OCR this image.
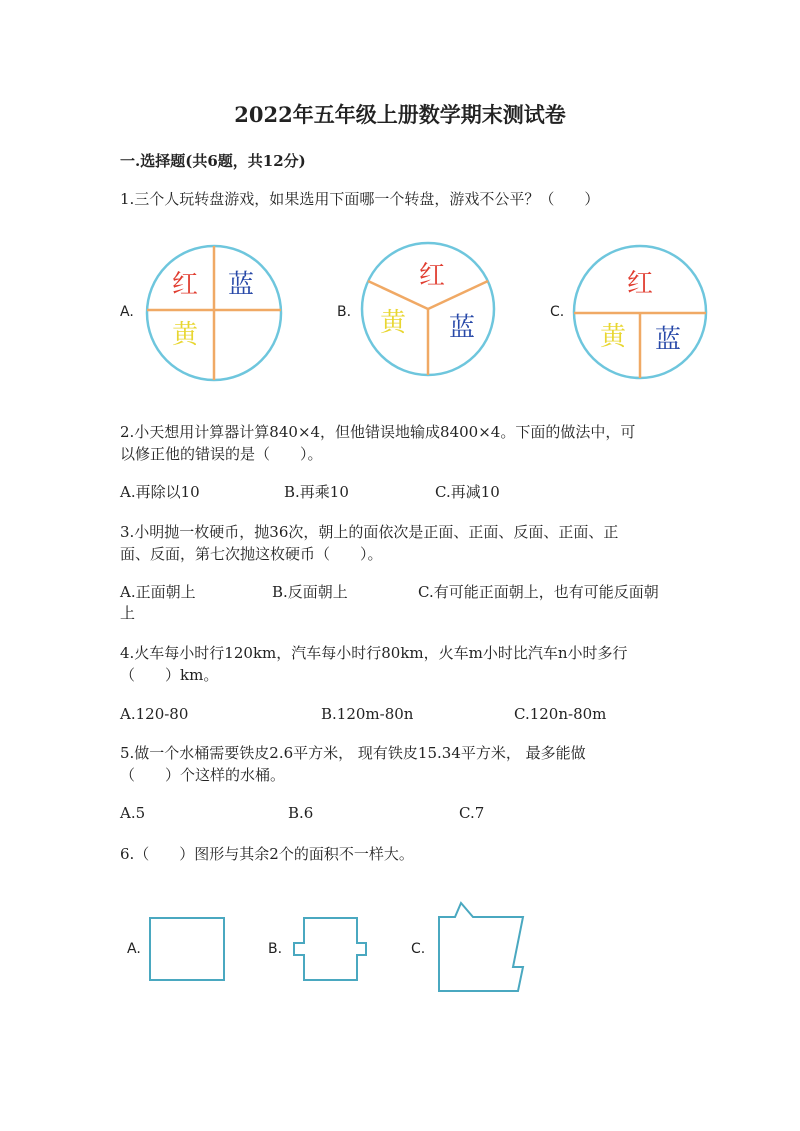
2022年五年级上册数学期末测试卷
一.选择题(共6题，共12分)
1.三个人玩转盘游戏，如果选用下面哪一个转盘，游戏不公平？（　　）
A.	B.	C.
红 蓝
黄
红
黄 蓝
红
黄 蓝
2.小天想用计算器计算840×4，但他错误地输成8400×4。下面的做法中，可
以修正他的错误的是（　　）。
A.再除以10	B.再乘10	C.再减10
3.小明抛一枚硬币，抛36次，朝上的面依次是正面、正面、反面、正面、正
面、反面，第七次抛这枚硬币（　　）。
A.正面朝上	B.反面朝上	C.有可能正面朝上，也有可能反面朝
上
4.火车每小时行120km，汽车每小时行80km，火车m小时比汽车n小时多行
（　　）km。
A.120-80	B.120m-80n	C.120n-80m
5.做一个水桶需要铁皮2.6平方米， 现有铁皮15.34平方米， 最多能做
（　　）个这样的水桶。
A.5	B.6	C.7
6.（　　）图形与其余2个的面积不一样大。
A.	B.	C.
